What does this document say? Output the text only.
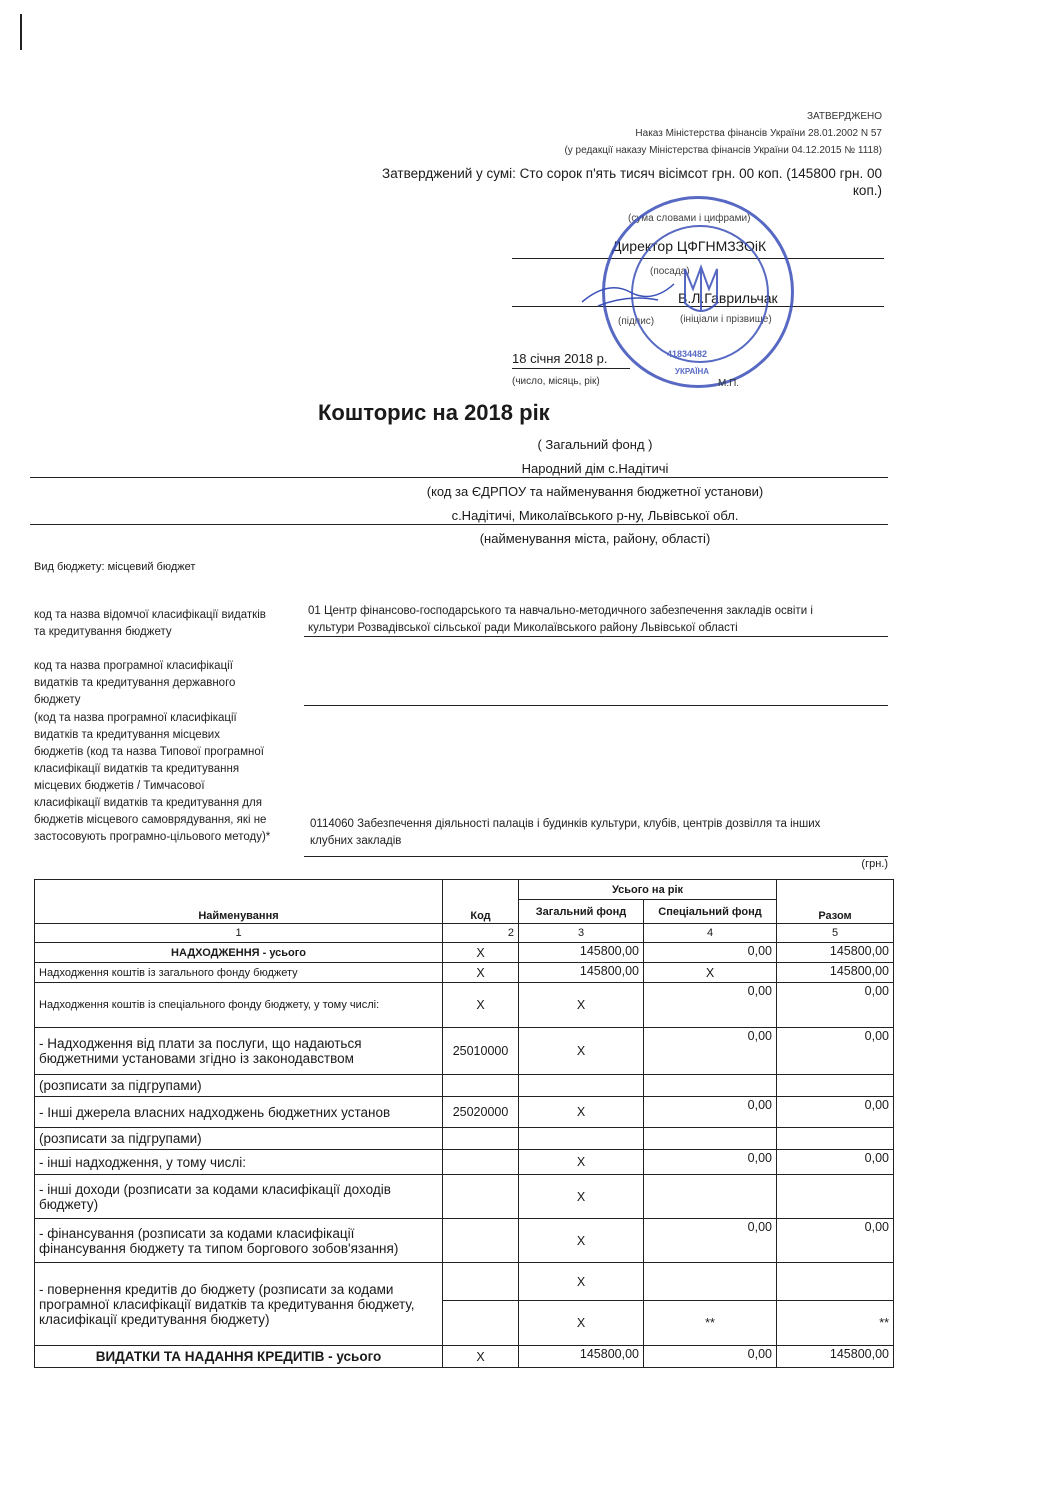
ЗАТВЕРДЖЕНО
Наказ Міністерства фінансів України 28.01.2002 N 57
(у редакції наказу Міністерства фінансів України 04.12.2015 № 1118)
Затверджений у сумі: Сто сорок п'ять тисяч вісімсот грн. 00 коп. (145800 грн. 00
коп.)
(сума словами і цифрами)
Директор ЦФГНМЗЗОіК
(посада)
В.Л.Гаврильчак
(підпис)	(ініціали і прізвище)
18 січня 2018 р.
(число, місяць, рік)
41834482
УКРАЇНА
М.П.
Кошторис на 2018 рік
( Загальний фонд )
Народний дім с.Надітичі
(код за ЄДРПОУ та найменування бюджетної установи)
с.Надітичі, Миколаївського р-ну, Львівської обл.
(найменування міста, району, області)
Вид бюджету: місцевий бюджет
код та назва відомчої класифікації видатків
та кредитування бюджету
01 Центр фінансово-господарського та навчально-методичного забезпечення закладів освіти і
культури Розвадівської сільської ради Миколаївського району Львівської області
код та назва програмної класифікації
видатків та кредитування державного
бюджету
(код та назва програмної класифікації
видатків та кредитування місцевих
бюджетів (код та назва Типової програмної
класифікації видатків та кредитування
місцевих бюджетів / Тимчасової
класифікації видатків та кредитування для
бюджетів місцевого самоврядування, які не
застосовують програмно-цільового методу)*
0114060 Забезпечення діяльності палаців і будинків культури, клубів, центрів дозвілля та інших
клубних закладів
(грн.)
Найменування	Код	Усього на рік		Разом
		Загальний фонд	Спеціальний фонд	
1	2	3	4	5
НАДХОДЖЕННЯ - усього	Х	145800,00	0,00	145800,00
Надходження коштів із загального фонду бюджету	Х	145800,00	Х	145800,00
Надходження коштів із спеціального фонду бюджету, у тому числі:	Х	Х	0,00	0,00
- Надходження від плати за послуги, що надаються бюджетними установами згідно із законодавством	25010000	Х	0,00	0,00
(розписати за підгрупами)				
- Інші джерела власних надходжень бюджетних установ	25020000	Х	0,00	0,00
(розписати за підгрупами)				
- інші надходження, у тому числі:		Х	0,00	0,00
- інші доходи (розписати за кодами класифікації доходів бюджету)		Х		
- фінансування (розписати за кодами класифікації фінансування бюджету та типом боргового зобов'язання)		Х	0,00	0,00
- повернення кредитів до бюджету (розписати за кодами програмної класифікації видатків та кредитування бюджету, класифікації кредитування бюджету)		Х		
		Х	**	**
ВИДАТКИ ТА НАДАННЯ КРЕДИТІВ - усього	Х	145800,00	0,00	145800,00
